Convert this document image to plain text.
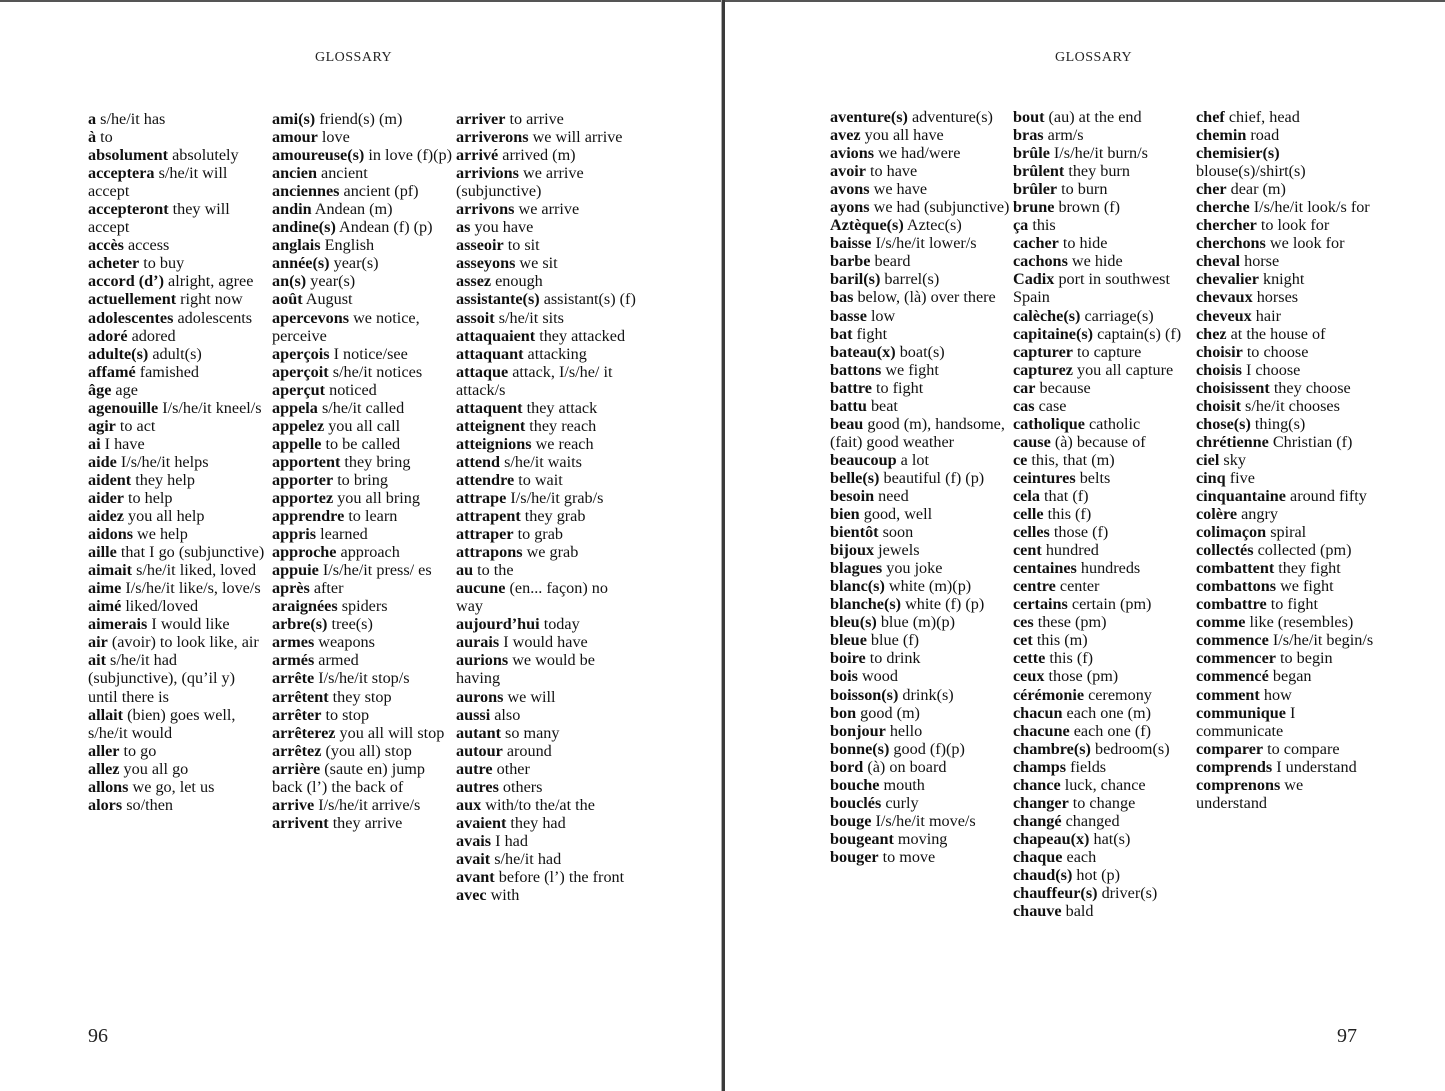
GLOSSARY
a s/he/it has
à to
absolument absolutely
acceptera s/he/it will accept
accepteront they will accept
accès access
acheter to buy
accord (d’) alright, agree
actuellement right now
adolescentes adolescents
adoré adored
adulte(s) adult(s)
affamé famished
âge age
agenouille I/s/he/it kneel/s
agir to act
ai I have
aide I/s/he/it helps
aident they help
aider to help
aidez you all help
aidons we help
aille that I go (subjunctive)
aimait s/he/it liked, loved
aime I/s/he/it like/s, love/s
aimé liked/loved
aimerais I would like
air (avoir) to look like, air
ait s/he/it had (subjunctive), (qu’il y) until there is
allait (bien) goes well, s/he/it would
aller to go
allez you all go
allons we go, let us
alors so/then
ami(s) friend(s) (m)
amour love
amoureuse(s) in love (f)(p)
ancien ancient
anciennes ancient (pf)
andin Andean (m)
andine(s) Andean (f) (p)
anglais English
année(s) year(s)
an(s) year(s)
août August
apercevons we notice, perceive
aperçois I notice/see
aperçoit s/he/it notices
aperçut noticed
appela s/he/it called
appelez you all call
appelle to be called
apportent they bring
apporter to bring
apportez you all bring
apprendre to learn
appris learned
approche approach
appuie I/s/he/it press/ es
après after
araignées spiders
arbre(s) tree(s)
armes weapons
armés armed
arrête I/s/he/it stop/s
arrêtent they stop
arrêter to stop
arrêterez you all will stop
arrêtez (you all) stop
arrière (saute en) jump back (l’) the back of
arrive I/s/he/it arrive/s
arrivent they arrive
arriver to arrive
arriverons we will arrive
arrivé arrived (m)
arrivions we arrive (subjunctive)
arrivons we arrive
as you have
asseoir to sit
asseyons we sit
assez enough
assistante(s) assistant(s) (f)
assoit s/he/it sits
attaquaient they attacked
attaquant attacking
attaque attack, I/s/he/ it attack/s
attaquent they attack
atteignent they reach
atteignions we reach
attend s/he/it waits
attendre to wait
attrape I/s/he/it grab/s
attrapent they grab
attraper to grab
attrapons we grab
au to the
aucune (en... façon) no way
aujourd’hui today
aurais I would have
aurions we would be having
aurons we will
aussi also
autant so many
autour around
autre other
autres others
aux with/to the/at the
avaient they had
avais I had
avait s/he/it had
avant before (l’) the front
avec with
96
GLOSSARY
aventure(s) adventure(s)
avez you all have
avions we had/were
avoir to have
avons we have
ayons we had (subjunctive)
Aztèque(s) Aztec(s)
baisse I/s/he/it lower/s
barbe beard
baril(s) barrel(s)
bas below, (là) over there
basse low
bat fight
bateau(x) boat(s)
battons we fight
battre to fight
battu beat
beau good (m), handsome, (fait) good weather
beaucoup a lot
belle(s) beautiful (f) (p)
besoin need
bien good, well
bientôt soon
bijoux jewels
blagues you joke
blanc(s) white (m)(p)
blanche(s) white (f) (p)
bleu(s) blue (m)(p)
bleue blue (f)
boire to drink
bois wood
boisson(s) drink(s)
bon good (m)
bonjour hello
bonne(s) good (f)(p)
bord (à) on board
bouche mouth
bouclés curly
bouge I/s/he/it move/s
bougeant moving
bouger to move
bout (au) at the end
bras arm/s
brûle I/s/he/it burn/s
brûlent they burn
brûler to burn
brune brown (f)
ça this
cacher to hide
cachons we hide
Cadix port in southwest Spain
calèche(s) carriage(s)
capitaine(s) captain(s) (f)
capturer to capture
capturez you all capture
car because
cas case
catholique catholic
cause (à) because of
ce this, that (m)
ceintures belts
cela that (f)
celle this (f)
celles those (f)
cent hundred
centaines hundreds
centre center
certains certain (pm)
ces these (pm)
cet this (m)
cette this (f)
ceux those (pm)
cérémonie ceremony
chacun each one (m)
chacune each one (f)
chambre(s) bedroom(s)
champs fields
chance luck, chance
changer to change
changé changed
chapeau(x) hat(s)
chaque each
chaud(s) hot (p)
chauffeur(s) driver(s)
chauve bald
chef chief, head
chemin road
chemisier(s) blouse(s)/shirt(s)
cher dear (m)
cherche I/s/he/it look/s for
chercher to look for
cherchons we look for
cheval horse
chevalier knight
chevaux horses
cheveux hair
chez at the house of
choisir to choose
choisis I choose
choisissent they choose
choisit s/he/it chooses
chose(s) thing(s)
chrétienne Christian (f)
ciel sky
cinq five
cinquantaine around fifty
colère angry
colimaçon spiral
collectés collected (pm)
combattent they fight
combattons we fight
combattre to fight
comme like (resembles)
commence I/s/he/it begin/s
commencer to begin
commencé began
comment how
communique I communicate
comparer to compare
comprends I understand
comprenons we understand
97
